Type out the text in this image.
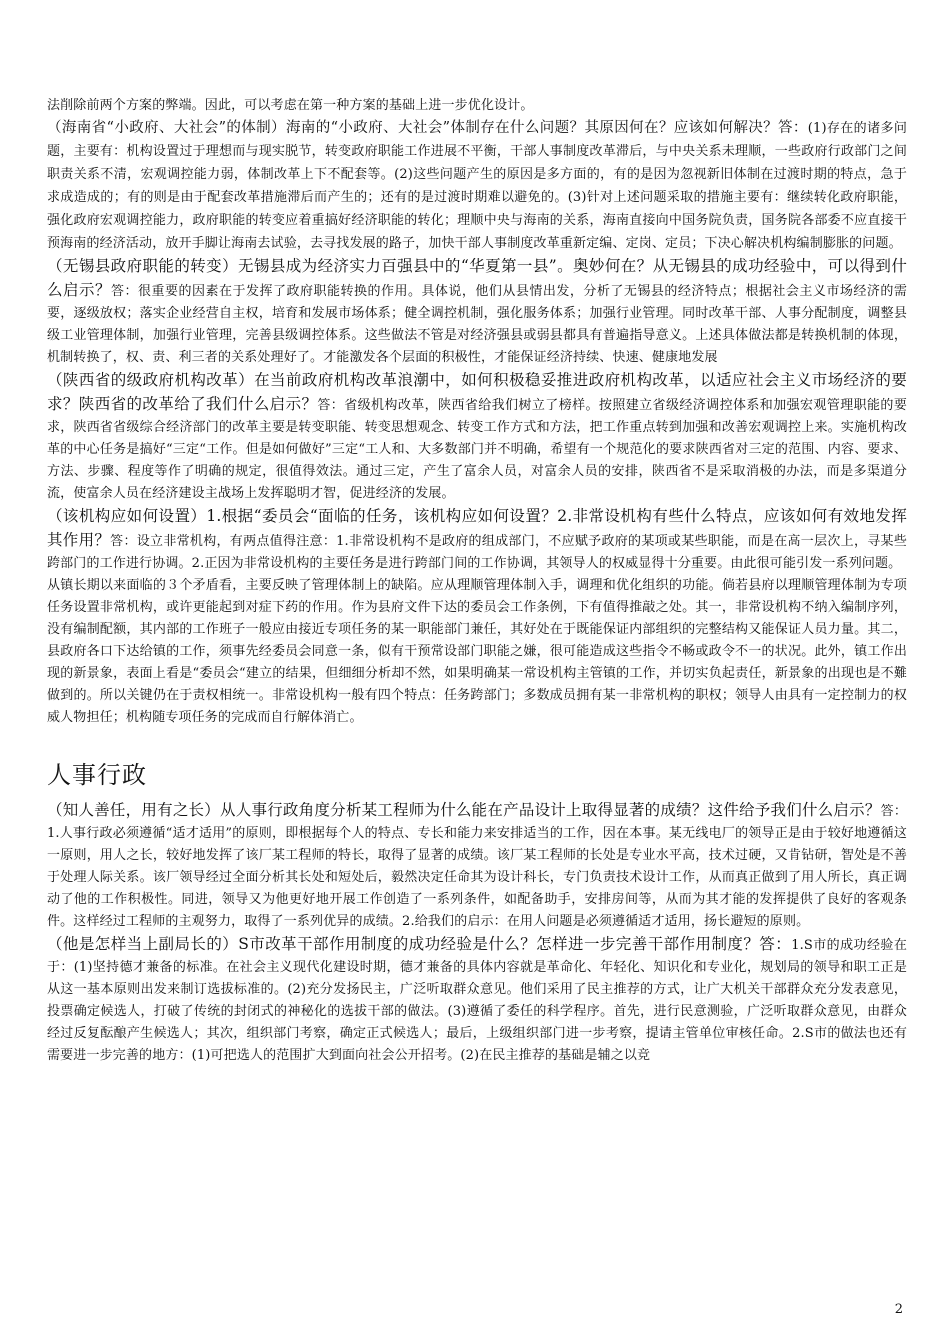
法削除前两个方案的弊端。因此，可以考虑在第一种方案的基础上进一步优化设计。

（海南省“小政府、大社会”的体制）海南的“小政府、大社会”体制存在什么问题？其原因何在？应该如何解决？答：(1)存在的诸多问题，主要有：机构设置过于理想而与现实脱节，转变政府职能工作进展不平衡，干部人事制度改革滞后，与中央关系未理顺，一些政府行政部门之间职责关系不清，宏观调控能力弱，体制改革上下不配套等。(2)这些问题产生的原因是多方面的，有的是因为忽视新旧体制在过渡时期的特点，急于求成造成的；有的则是由于配套改革措施滞后而产生的；还有的是过渡时期难以避免的。(3)针对上述问题采取的措施主要有：继续转化政府职能，强化政府宏观调控能力，政府职能的转变应着重搞好经济职能的转化；理顺中央与海南的关系，海南直接向中国务院负责，国务院各部委不应直接干预海南的经济活动，放开手脚让海南去试验，去寻找发展的路子，加快干部人事制度改革重新定编、定岗、定员；下决心解决机构编制膨胀的问题。

（无锡县政府职能的转变）无锡县成为经济实力百强县中的“华夏第一县”。奥妙何在？从无锡县的成功经验中，可以得到什么启示？答：很重要的因素在于发挥了政府职能转换的作用。具体说，他们从县情出发，分析了无锡县的经济特点；根据社会主义市场经济的需要，逐级放权；落实企业经营自主权，培育和发展市场体系；健全调控机制，强化服务体系；加强行业管理。同时改革干部、人事分配制度，调整县级工业管理体制，加强行业管理，完善县级调控体系。这些做法不管是对经济强县或弱县都具有普遍指导意义。上述具体做法都是转换机制的体现，机制转换了，权、责、利三者的关系处理好了。才能激发各个层面的积极性，才能保证经济持续、快速、健康地发展

（陕西省的级政府机构改革）在当前政府机构改革浪潮中，如何积极稳妥推进政府机构改革，以适应社会主义市场经济的要求？陕西省的改革给了我们什么启示？答：省级机构改革，陕西省给我们树立了榜样。按照建立省级经济调控体系和加强宏观管理职能的要求，陕西省省级综合经济部门的改革主要是转变职能、转变思想观念、转变工作方式和方法，把工作重点转到加强和改善宏观调控上来。实施机构改革的中心任务是搞好“三定“工作。但是如何做好”三定“工人和、大多数部门并不明确，希望有一个规范化的要求陕西省对三定的范围、内容、要求、方法、步骤、程度等作了明确的规定，很值得效法。通过三定，产生了富余人员，对富余人员的安排，陕西省不是采取消极的办法，而是多渠道分流，使富余人员在经济建设主战场上发挥聪明才智，促进经济的发展。

（该机构应如何设置）1.根据“委员会“面临的任务，该机构应如何设置？2.非常设机构有些什么特点，应该如何有效地发挥其作用？答：设立非常机构，有两点值得注意：1.非常设机构不是政府的组成部门，不应赋予政府的某项或某些职能，而是在高一层次上，寻某些跨部门的工作进行协调。2.正因为非常设机构的主要任务是进行跨部门间的工作协调，其领导人的权威显得十分重要。由此很可能引发一系列问题。

从镇长期以来面临的３个矛盾看，主要反映了管理体制上的缺陷。应从理顺管理体制入手，调理和优化组织的功能。倘若县府以理顺管理体制为专项任务设置非常机构，或许更能起到对症下药的作用。作为县府文件下达的委员会工作条例，下有值得推敲之处。其一，非常设机构不纳入编制序列，没有编制配额，其内部的工作班子一般应由接近专项任务的某一职能部门兼任，其好处在于既能保证内部组织的完整结构又能保证人员力量。其二，县政府各口下达给镇的工作，须事先经委员会同意一条，似有干预常设部门职能之嫌，很可能造成这些指令不畅或政令不一的状况。此外，镇工作出现的新景象，表面上看是“委员会“建立的结果，但细细分析却不然，如果明确某一常设机构主管镇的工作，并切实负起责任，新景象的出现也是不難做到的。所以关键仍在于责权相统一。非常设机构一般有四个特点：任务跨部门；多数成员拥有某一非常机构的职权；领导人由具有一定控制力的权威人物担任；机构随专项任务的完成而自行解体消亡。

人事行政

（知人善任，用有之长）从人事行政角度分析某工程师为什么能在产品设计上取得显著的成绩？这件给予我们什么启示？答：1.人事行政必须遵循“适才适用”的原则，即根据每个人的特点、专长和能力来安排适当的工作，因在本事。某无线电厂的领导正是由于较好地遵循这一原则，用人之长，较好地发挥了该厂某工程师的特长，取得了显著的成绩。该厂某工程师的长处是专业水平高，技术过硬，又肯钻研，智处是不善于处理人际关系。该厂领导经过全面分析其长处和短处后，毅然决定任命其为设计科长，专门负责技术设计工作，从而真正做到了用人所长，真正调动了他的工作积极性。同进，领导又为他更好地开展工作创造了一系列条件，如配备助手，安排房间等，从而为其才能的发挥提供了良好的客观条件。这样经过工程师的主观努力，取得了一系列优异的成绩。2.给我们的启示：在用人问题是必须遵循适才适用，扬长避短的原则。

（他是怎样当上副局长的）S市改革干部作用制度的成功经验是什么？怎样进一步完善干部作用制度？答：1.S市的成功经验在于：(1)坚持德才兼备的标准。在社会主义现代化建设时期，德才兼备的具体内容就是革命化、年轻化、知识化和专业化，规划局的领导和职工正是从这一基本原则出发来制订选拔标准的。(2)充分发扬民主，广泛听取群众意见。他们采用了民主推荐的方式，让广大机关干部群众充分发表意见，投票确定候选人，打破了传统的封闭式的神秘化的选拔干部的做法。(3)遵循了委任的科学程序。首先，进行民意测验，广泛听取群众意见，由群众经过反复酝酿产生候选人；其次，组织部门考察，确定正式候选人；最后，上级组织部门进一步考察，提请主管单位审核任命。2.S市的做法也还有需要进一步完善的地方：(1)可把选人的范围扩大到面向社会公开招考。(2)在民主推荐的基础是辅之以竞

2
